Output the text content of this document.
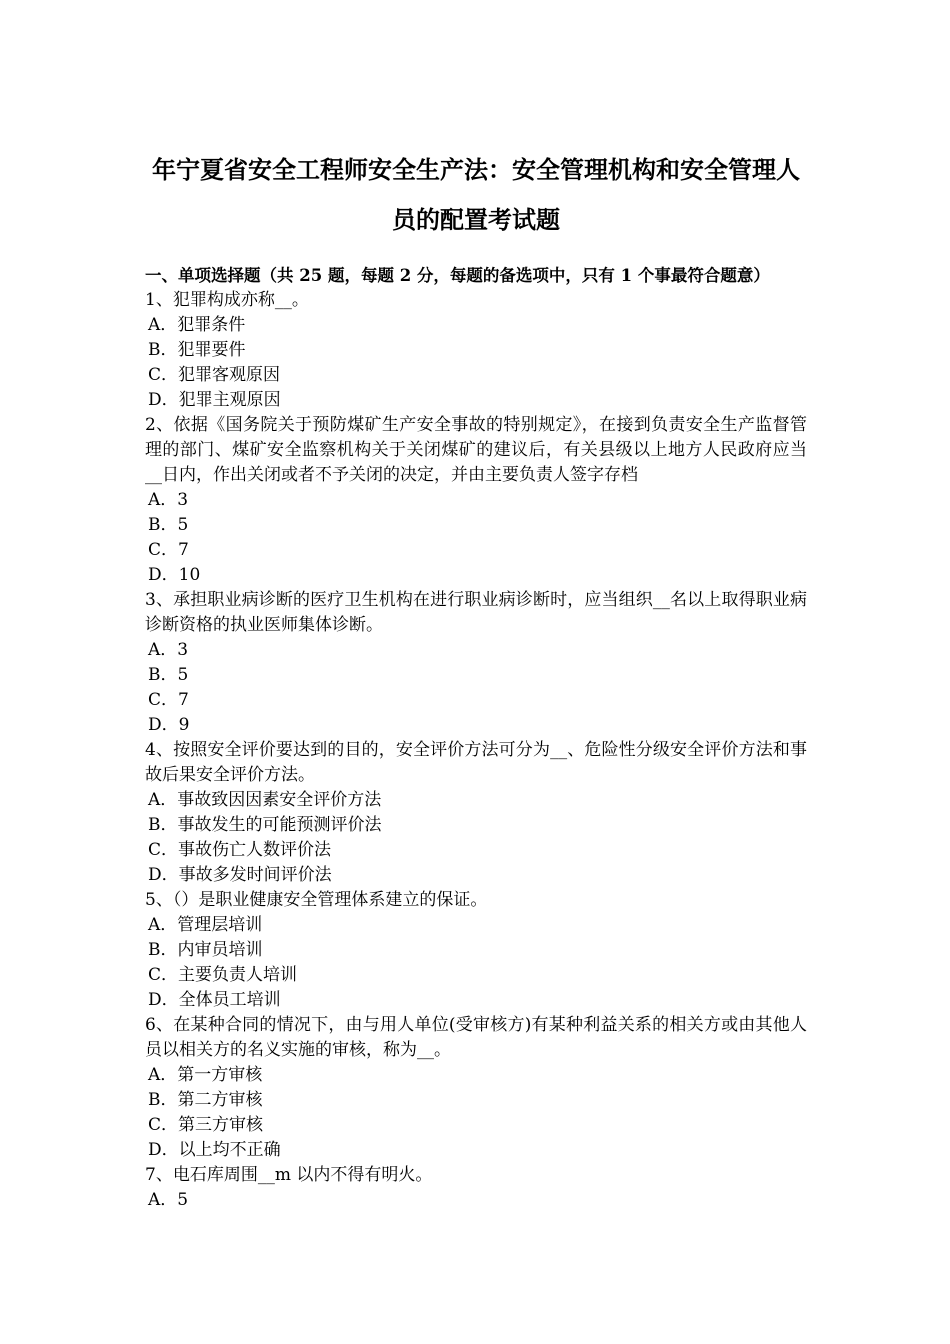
年宁夏省安全工程师安全生产法：安全管理机构和安全管理人员的配置考试题
一、单项选择题（共 25 题，每题 2 分，每题的备选项中，只有 1 个事最符合题意）
1、犯罪构成亦称__。
A．犯罪条件
B．犯罪要件
C．犯罪客观原因
D．犯罪主观原因
2、依据《国务院关于预防煤矿生产安全事故的特别规定》，在接到负责安全生产监督管理的部门、煤矿安全监察机构关于关闭煤矿的建议后，有关县级以上地方人民政府应当__日内，作出关闭或者不予关闭的决定，并由主要负责人签字存档
A．3
B．5
C．7
D．10
3、承担职业病诊断的医疗卫生机构在进行职业病诊断时，应当组织__名以上取得职业病诊断资格的执业医师集体诊断。
A．3
B．5
C．7
D．9
4、按照安全评价要达到的目的，安全评价方法可分为__、危险性分级安全评价方法和事故后果安全评价方法。
A．事故致因因素安全评价方法
B．事故发生的可能预测评价法
C．事故伤亡人数评价法
D．事故多发时间评价法
5、（）是职业健康安全管理体系建立的保证。
A．管理层培训
B．内审员培训
C．主要负责人培训
D．全体员工培训
6、在某种合同的情况下，由与用人单位(受审核方)有某种利益关系的相关方或由其他人员以相关方的名义实施的审核，称为__。
A．第一方审核
B．第二方审核
C．第三方审核
D．以上均不正确
7、电石库周围__m 以内不得有明火。
A．5
